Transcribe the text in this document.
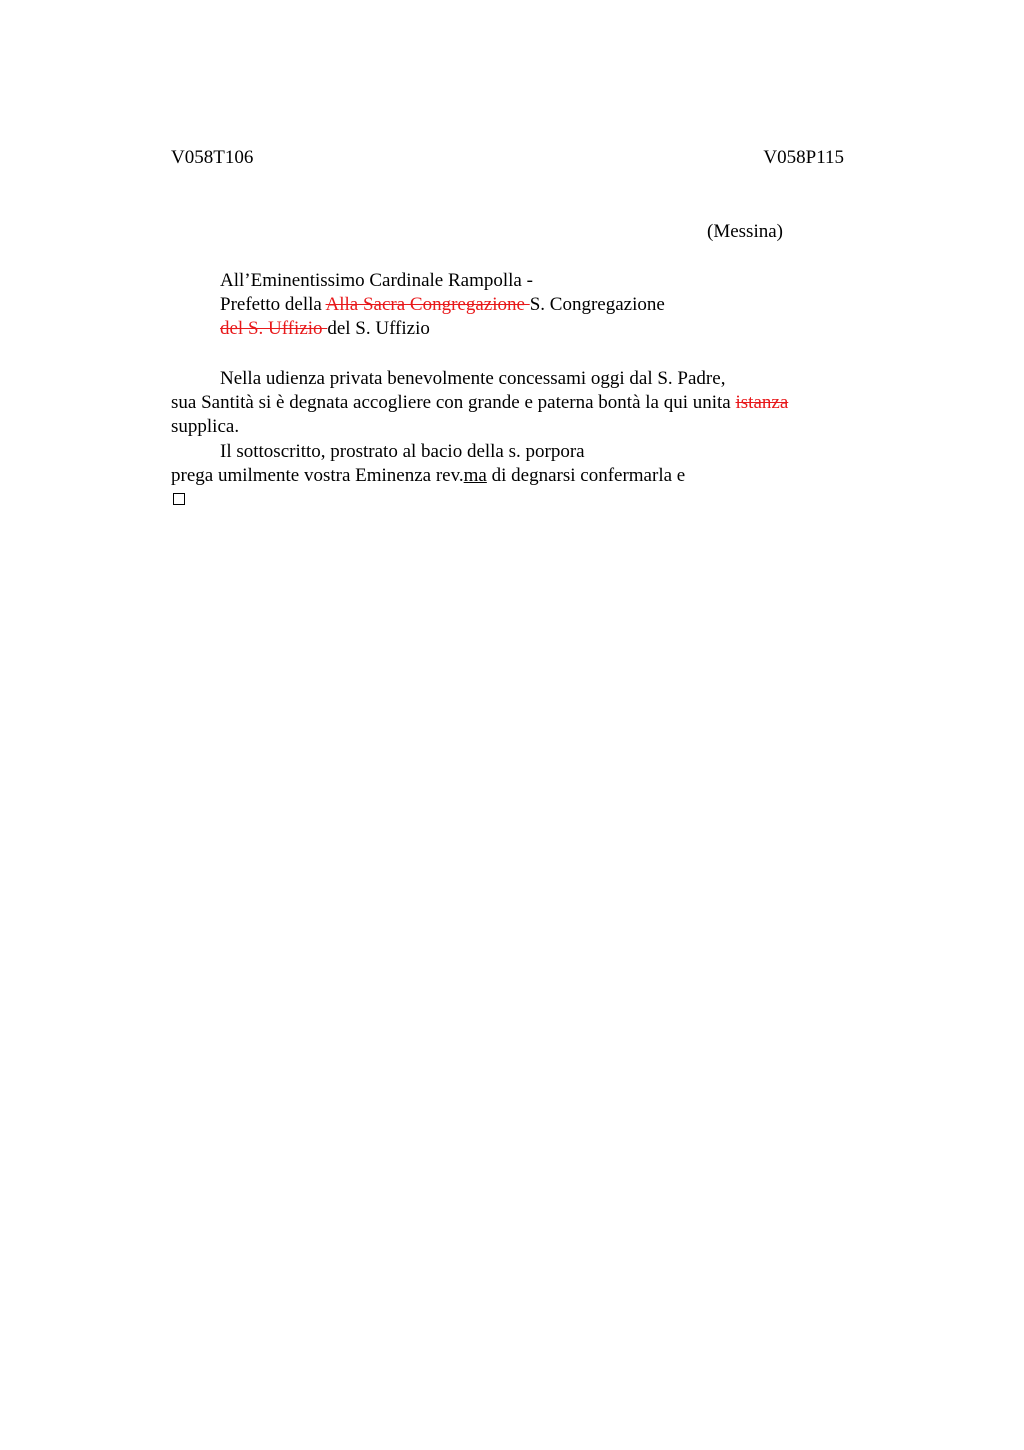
V058T106	V058P115
(Messina)
All’Eminentissimo Cardinale Rampolla -
Prefetto della Alla Sacra Congregazione S. Congregazione
del S. Uffizio del S. Uffizio
Nella udienza privata benevolmente concessami oggi dal S. Padre,
sua Santità si è degnata accogliere con grande e paterna bontà la qui unita istanza
supplica.
Il sottoscritto, prostrato al bacio della s. porpora
prega umilmente vostra Eminenza rev.ma di degnarsi confermarla e
